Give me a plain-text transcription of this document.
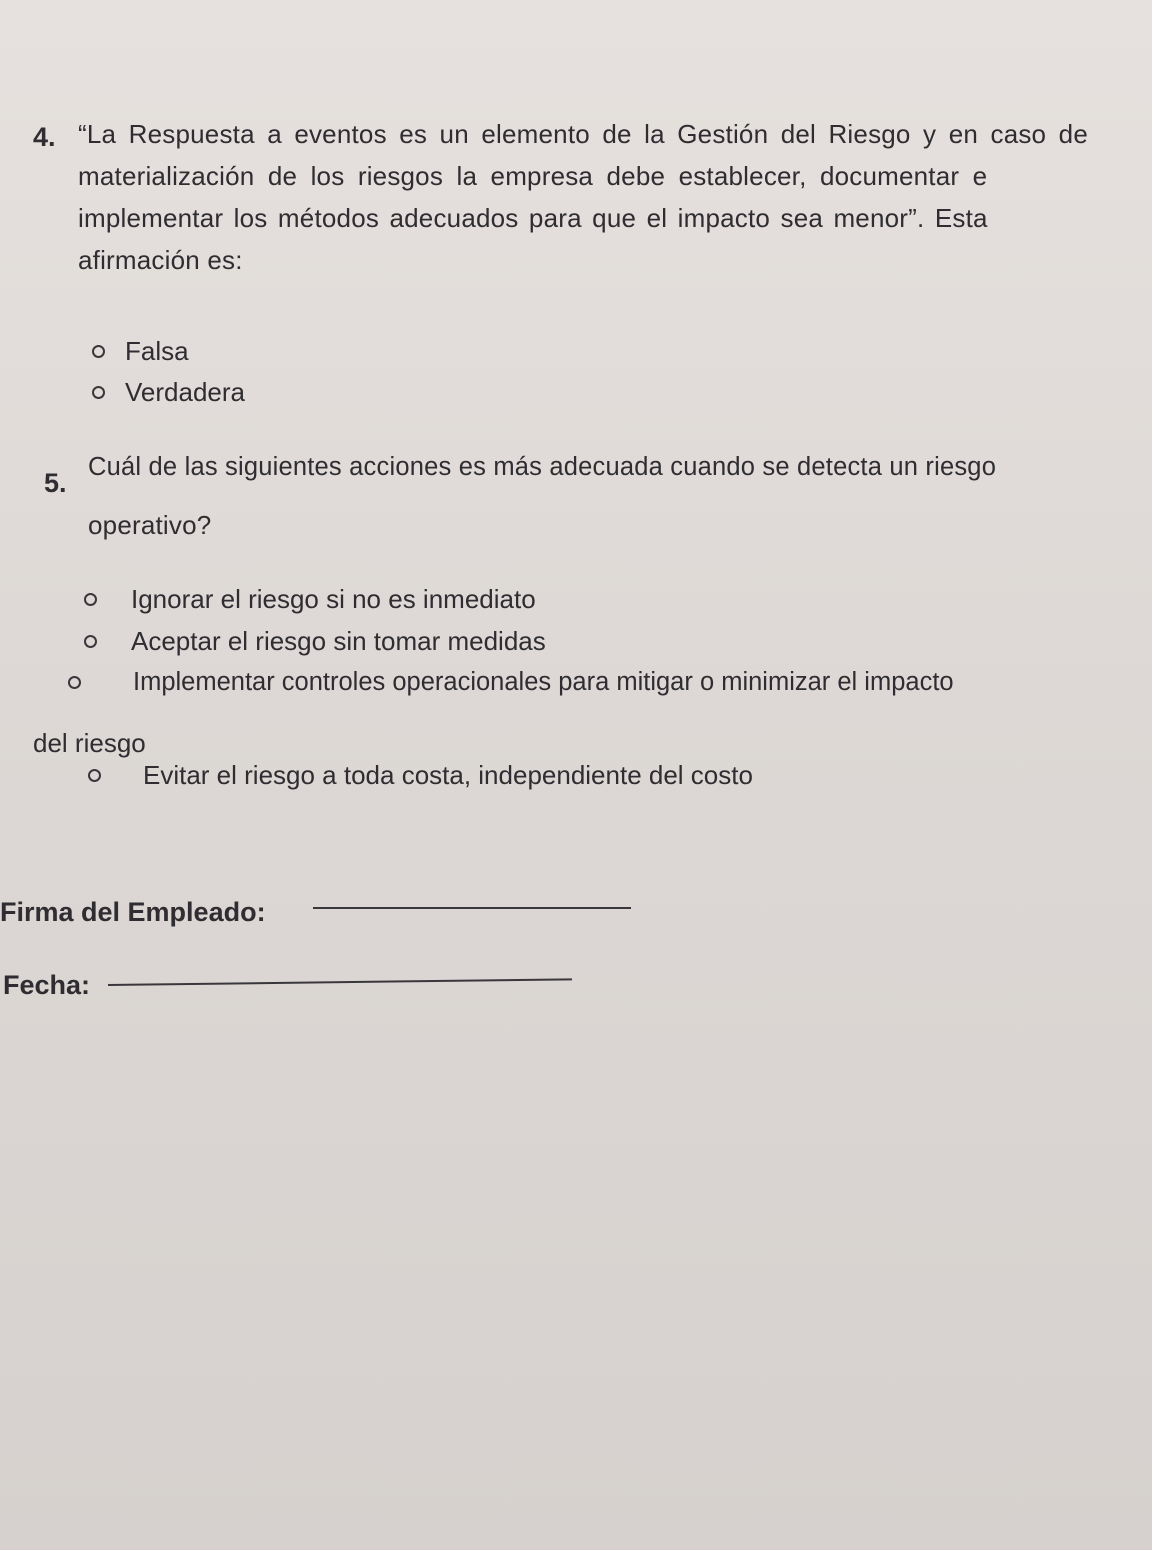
4. “La Respuesta a eventos es un elemento de la Gestión del Riesgo y en caso de
materialización de los riesgos la empresa debe establecer, documentar e
implementar los métodos adecuados para que el impacto sea menor”. Esta
afirmación es:
Falsa
Verdadera
5.
Cuál de las siguientes acciones es más adecuada cuando se detecta un riesgo
operativo?
Ignorar el riesgo si no es inmediato
Aceptar el riesgo sin tomar medidas
Implementar controles operacionales para mitigar o minimizar el impacto
del riesgo
Evitar el riesgo a toda costa, independiente del costo
Firma del Empleado:
Fecha:
